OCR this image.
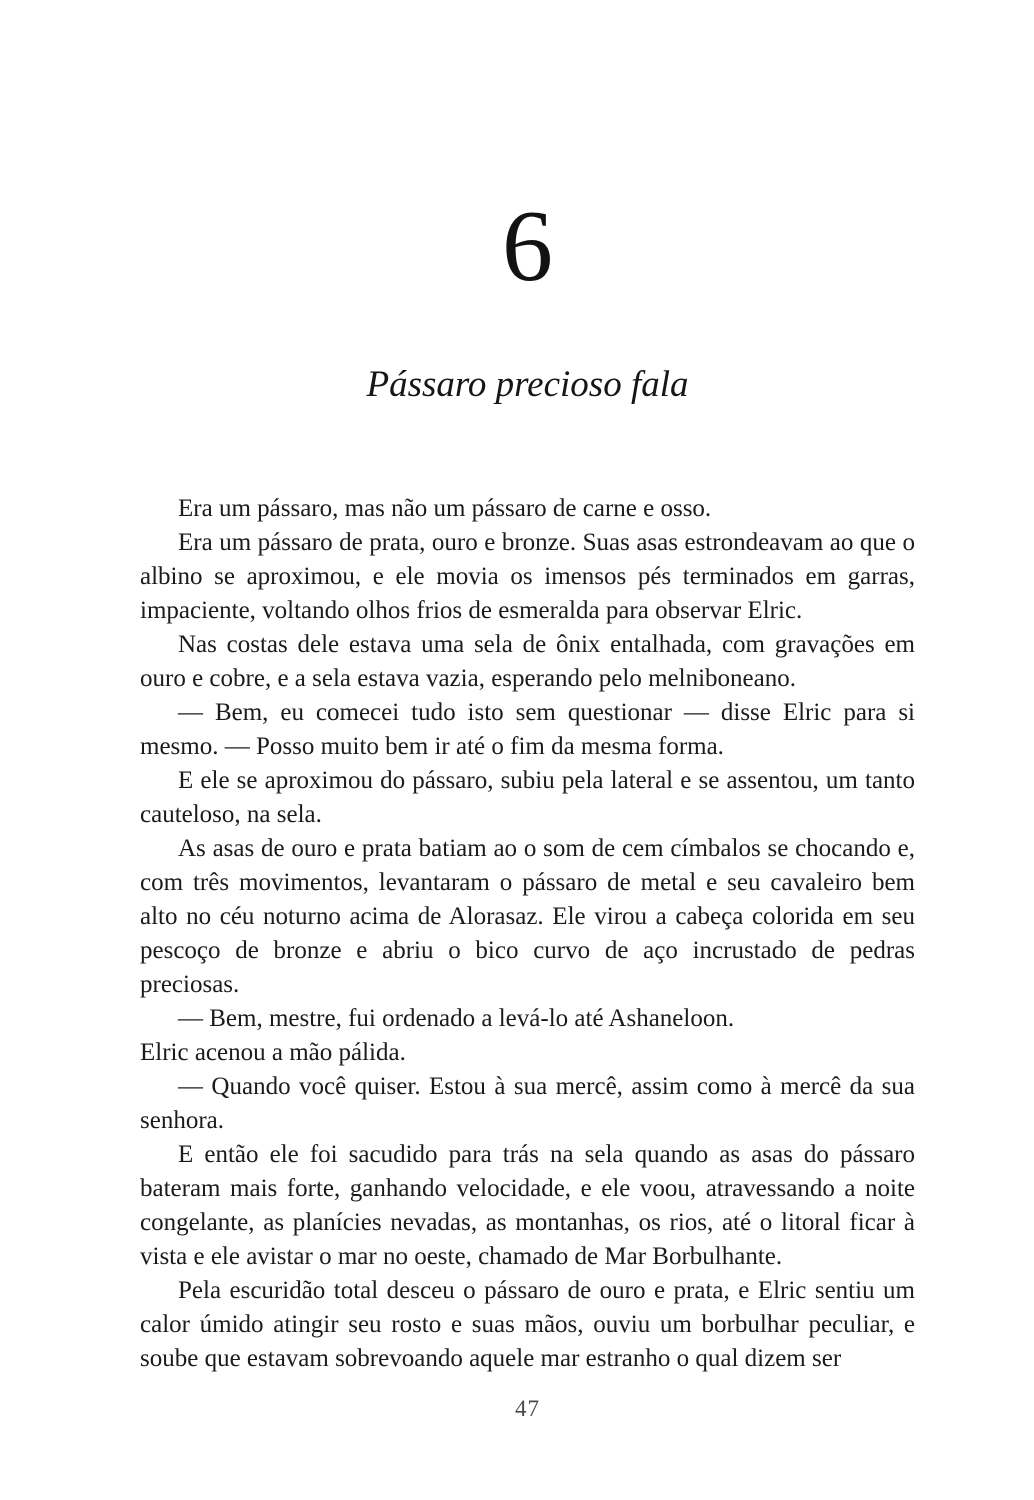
6
Pássaro precioso fala

Era um pássaro, mas não um pássaro de carne e osso.

Era um pássaro de prata, ouro e bronze. Suas asas estrondeavam ao que o albino se aproximou, e ele movia os imensos pés terminados em garras, impaciente, voltando olhos frios de esmeralda para observar Elric.

Nas costas dele estava uma sela de ônix entalhada, com gravações em ouro e cobre, e a sela estava vazia, esperando pelo melniboneano.

— Bem, eu comecei tudo isto sem questionar — disse Elric para si mesmo. — Posso muito bem ir até o fim da mesma forma.

E ele se aproximou do pássaro, subiu pela lateral e se assentou, um tanto cauteloso, na sela.

As asas de ouro e prata batiam ao o som de cem címbalos se chocando e, com três movimentos, levantaram o pássaro de metal e seu cavaleiro bem alto no céu noturno acima de Alorasaz. Ele virou a cabeça colorida em seu pescoço de bronze e abriu o bico curvo de aço incrustado de pedras preciosas.

— Bem, mestre, fui ordenado a levá-lo até Ashaneloon.

Elric acenou a mão pálida.

— Quando você quiser. Estou à sua mercê, assim como à mercê da sua senhora.

E então ele foi sacudido para trás na sela quando as asas do pássaro bateram mais forte, ganhando velocidade, e ele voou, atravessando a noite congelante, as planícies nevadas, as montanhas, os rios, até o litoral ficar à vista e ele avistar o mar no oeste, chamado de Mar Borbulhante.

Pela escuridão total desceu o pássaro de ouro e prata, e Elric sentiu um calor úmido atingir seu rosto e suas mãos, ouviu um borbulhar peculiar, e soube que estavam sobrevoando aquele mar estranho o qual dizem ser

47
